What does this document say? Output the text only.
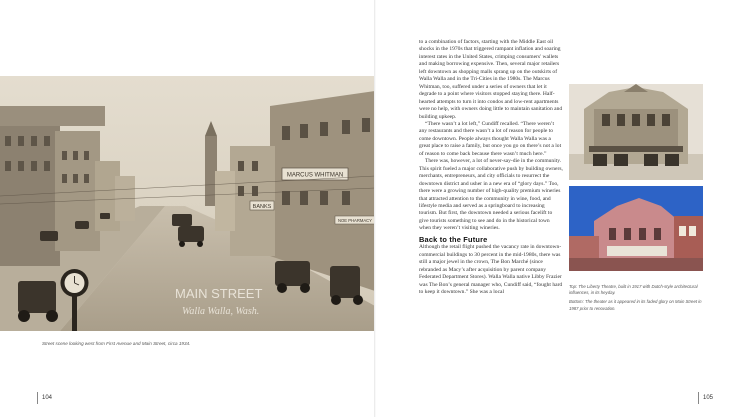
MARCUS WHITMAN
BANKS
NOE PHARMACY
MAIN STREET
Walla Walla, Wash.
Street scene looking west from First Avenue and Main Street, circa 1934.
104

to a combination of factors, starting with the Middle East oil shocks in the 1970s that triggered rampant inflation and soaring interest rates in the United States, crimping consumers' wallets and making borrowing expensive. Then, several major retailers left downtown as shopping malls sprang up on the outskirts of Walla Walla and in the Tri-Cities in the 1980s. The Marcus Whitman, too, suffered under a series of owners that let it degrade to a point where visitors stopped staying there. Half-hearted attempts to turn it into condos and low-rent apartments were no help, with owners doing little to maintain sanitation and building upkeep.

“There wasn’t a lot left,” Cundiff recalled. “There weren’t any restaurants and there wasn’t a lot of reason for people to come downtown. People always thought Walla Walla was a great place to raise a family, but once you go on there’s not a lot of reason to come back because there wasn’t much here.”

There was, however, a lot of never-say-die in the community. This spirit fueled a major collaborative push by building owners, merchants, entrepreneurs, and city officials to resurrect the downtown district and usher in a new era of “glory days.” Too, there were a growing number of high-quality premium wineries that attracted attention to the community in wine, food, and lifestyle media and served as a springboard to increasing tourism. But first, the downtown needed a serious facelift to give tourists something to see and do in the historical town when they weren’t visiting wineries.

Back to the Future

Although the retail flight pushed the vacancy rate in downtown-commercial buildings to 30 percent in the mid-1980s, there was still a major jewel in the crown, The Bon Marché (since rebranded as Macy’s after acquisition by parent company Federated Department Stores). Walla Walla native Libby Frazier was The Bon’s general manager who, Cundiff said, “fought hard to keep it downtown.” She was a local

Top: The Liberty Theatre, built in 1917 with Dutch-style architectural influences, in its heyday.

Bottom: The theater as it appeared in its faded glory on Main Street in 1987 prior to renovation.

105
